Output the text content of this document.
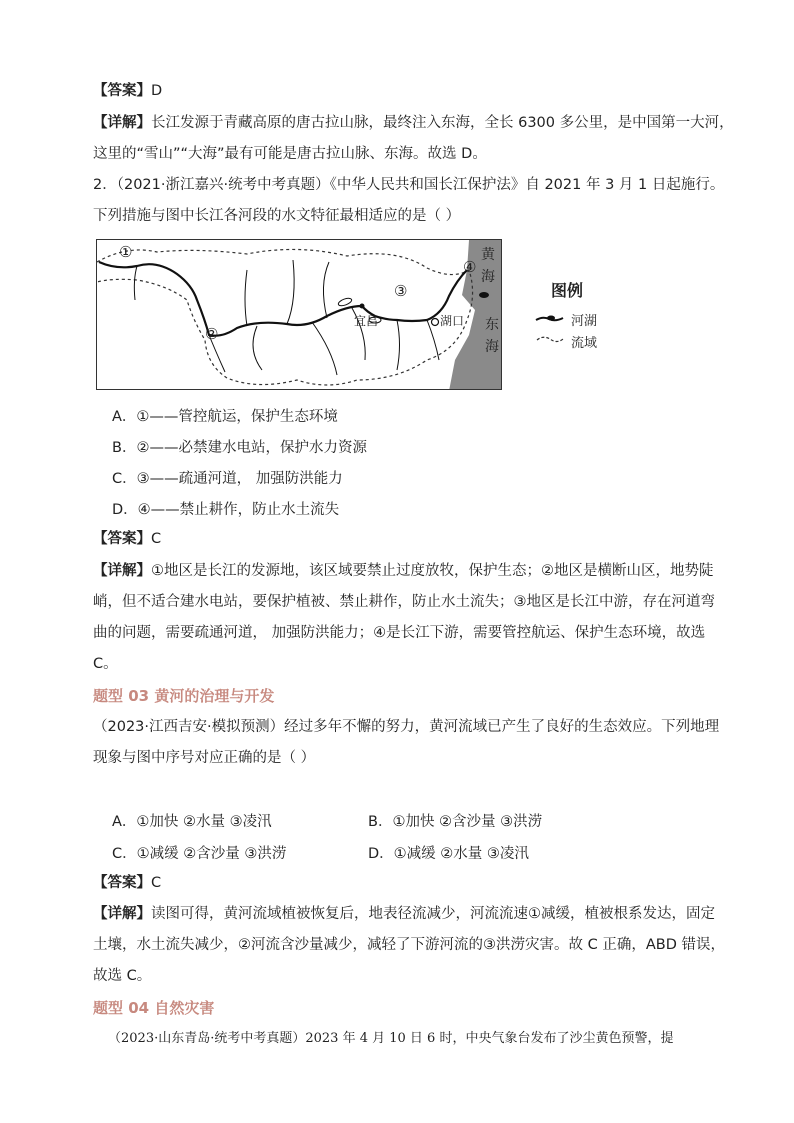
【答案】D
【详解】长江发源于青藏高原的唐古拉山脉，最终注入东海，全长 6300 多公里，是中国第一大河，
这里的“雪山”“大海”最有可能是唐古拉山脉、东海。故选 D。
2．（2021·浙江嘉兴·统考中考真题）《中华人民共和国长江保护法》自 2021 年 3 月 1 日起施行。
下列措施与图中长江各河段的水文特征最相适应的是（ ）
①
②
③
④
宜昌	湖口
黄
海
东
海
图例
河湖
流域
A．①——管控航运，保护生态环境
B．②——必禁建水电站，保护水力资源
C．③——疏通河道， 加强防洪能力
D．④——禁止耕作，防止水土流失
【答案】C
【详解】①地区是长江的发源地，该区域要禁止过度放牧，保护生态；②地区是横断山区，地势陡
峭，但不适合建水电站，要保护植被、禁止耕作，防止水土流失；③地区是长江中游，存在河道弯
曲的问题，需要疏通河道， 加强防洪能力；④是长江下游，需要管控航运、保护生态环境，故选
C。
题型 03 黄河的治理与开发
（2023·江西吉安·模拟预测）经过多年不懈的努力，黄河流域已产生了良好的生态效应。下列地理
现象与图中序号对应正确的是（ ）
A．①加快 ②水量 ③凌汛	B．①加快 ②含沙量 ③洪涝
C．①减缓 ②含沙量 ③洪涝	D．①减缓 ②水量 ③凌汛
【答案】C
【详解】读图可得，黄河流域植被恢复后，地表径流减少，河流流速①减缓，植被根系发达，固定
土壤，水土流失减少，②河流含沙量减少，减轻了下游河流的③洪涝灾害。故 C 正确，ABD 错误，
故选 C。
题型 04 自然灾害
（2023·山东青岛·统考中考真题）2023 年 4 月 10 日 6 时，中央气象台发布了沙尘黄色预警，提
